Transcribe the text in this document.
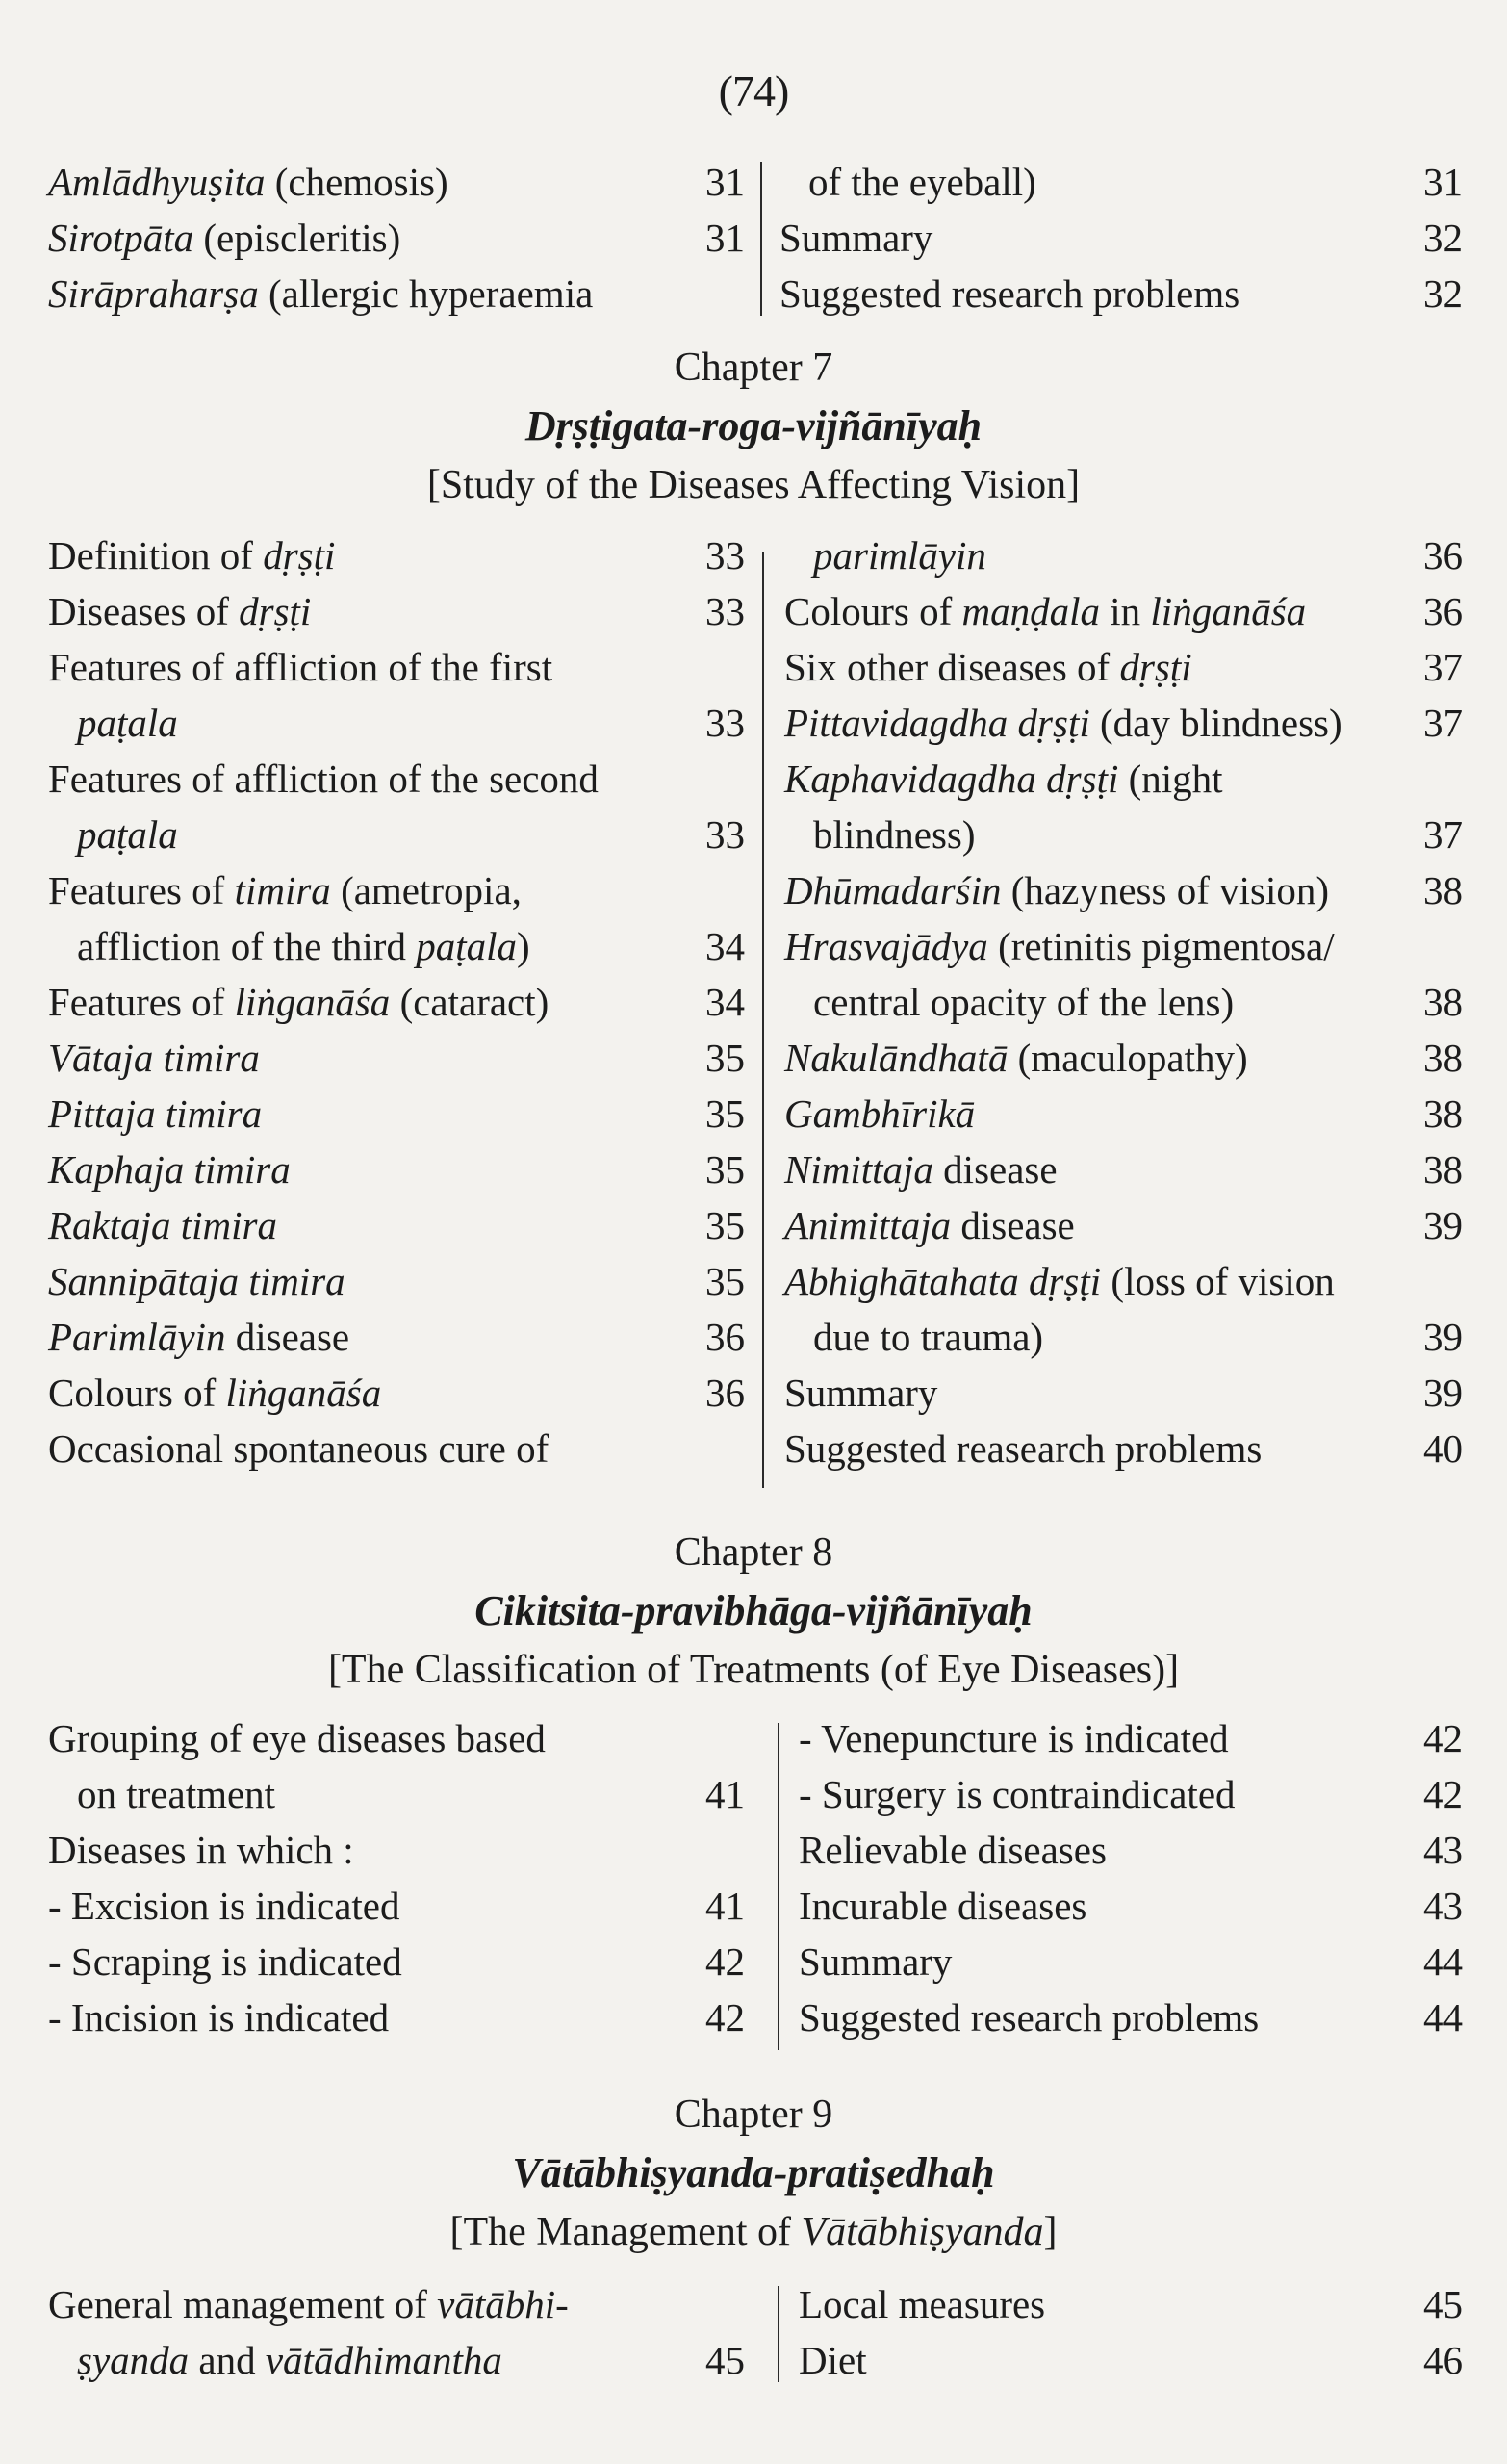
(74)
Amlādhyuṣita (chemosis)	31
Sirotpāta (episcleritis)	31
Sirāpraharṣa (allergic hyperaemia
of the eyeball)	31
Summary	32
Suggested research problems	32
Chapter 7
Dṛṣṭigata-roga-vijñānīyaḥ
[Study of the Diseases Affecting Vision]
Definition of dṛṣṭi	33
Diseases of dṛṣṭi	33
Features of affliction of the first
paṭala	33
Features of affliction of the second
paṭala	33
Features of timira (ametropia,
affliction of the third paṭala)	34
Features of liṅganāśa (cataract)	34
Vātaja timira	35
Pittaja timira	35
Kaphaja timira	35
Raktaja timira	35
Sannipātaja timira	35
Parimlāyin disease	36
Colours of liṅganāśa	36
Occasional spontaneous cure of
parimlāyin	36
Colours of maṇḍala in liṅganāśa	36
Six other diseases of dṛṣṭi	37
Pittavidagdha dṛṣṭi (day blindness) 37
Kaphavidagdha dṛṣṭi (night
blindness)	37
Dhūmadarśin (hazyness of vision) 38
Hrasvajādya (retinitis pigmentosa/
central opacity of the lens)	38
Nakulāndhatā (maculopathy)	38
Gambhīrikā	38
Nimittaja disease	38
Animittaja disease	39
Abhighātahata dṛṣṭi (loss of vision
due to trauma)	39
Summary	39
Suggested reasearch problems	40
Chapter 8
Cikitsita-pravibhāga-vijñānīyaḥ
[The Classification of Treatments (of Eye Diseases)]
Grouping of eye diseases based
on treatment	41
Diseases in which :
- Excision is indicated	41
- Scraping is indicated	42
- Incision is indicated	42
- Venepuncture is indicated	42
- Surgery is contraindicated	42
Relievable diseases	43
Incurable diseases	43
Summary	44
Suggested research problems	44
Chapter 9
Vātābhiṣyanda-pratiṣedhaḥ
[The Management of Vātābhiṣyanda]
General management of vātābhi-
ṣyanda and vātādhimantha	45
Local measures	45
Diet	46
